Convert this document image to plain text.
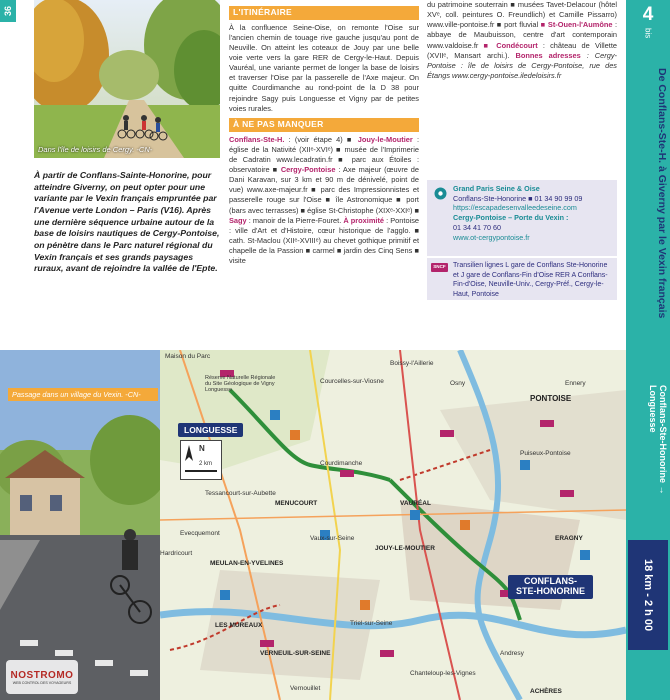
36
Dans l'île de loisirs de Cergy. -CN-
À partir de Conflans-Sainte-Honorine, pour atteindre Giverny, on peut opter pour une variante par le Vexin français empruntée par l'Avenue verte London – Paris (V16). Après une dernière séquence urbaine autour de la base de loisirs nautiques de Cergy-Pontoise, on pénètre dans le Parc naturel régional du Vexin français et ses grands paysages ruraux, avant de rejoindre la vallée de l'Epte.
L'ITINÉRAIRE
À la confluence Seine-Oise, on remonte l'Oise sur l'ancien chemin de touage rive gauche jusqu'au pont de Neuville. On atteint les coteaux de Jouy par une belle voie verte vers la gare RER de Cergy-le-Haut. Depuis Vauréal, une variante permet de longer la base de loisirs et traverser l'Oise par la passerelle de l'Axe majeur. On quitte Courdimanche au rond-point de la D 38 pour rejoindre Sagy puis Longuesse et Vigny par de petites voies rurales.
À NE PAS MANQUER
Conflans-Ste-H. : (voir étape 4) ■ Jouy-le-Moutier : église de la Nativité (XIIᵉ-XVIᵉ) ■ musée de l'Imprimerie de Cadratin www.lecadratin.fr ■ parc aux Étoiles : observatoire ■ Cergy-Pontoise : Axe majeur (œuvre de Dani Karavan, sur 3 km et 90 m de dénivelé, point de vue) www.axe-majeur.fr ■ parc des Impressionnistes et passerelle rouge sur l'Oise ■ île Astronomique ■ port (bars avec terrasses) ■ église St-Christophe (XIXᵉ-XXIᵉ) ■ Sagy : manoir de la Pierre-Fouret. À proximité : Pontoise : ville d'Art et d'Histoire, cœur historique de l'agglo. ■ cath. St-Maclou (XIIᵉ-XVIIIᵉ) au chevet gothique primitif et chapelle de la Passion ■ carmel ■ jardin des Cinq Sens ■ visite
du patrimoine souterrain ■ musées Tavet-Delacour (hôtel XVᵉ, coll. peintures O. Freundlich) et Camille Pissarro) www.ville-pontoise.fr ■ port fluvial ■ St-Ouen-l'Aumône : abbaye de Maubuisson, centre d'art contemporain www.valdoise.fr ■ Condécourt : château de Villette (XVIIᵉ, Mansart archi.). Bonnes adresses : Cergy-Pontoise : île de loisirs de Cergy-Pontoise, rue des Étangs www.cergy-pontoise.iledeloisirs.fr
Grand Paris Seine & Oise
Conflans-Ste-Honorine ■ 01 34 90 99 09
https://escapadesenvalleedeseine.com
Cergy-Pontoise – Porte du Vexin :
01 34 41 70 60
www.ot-cergypontoise.fr
SNCF	Transilien lignes L gare de Conflans Ste-Honorine et J gare de Conflans-Fin d'Oise RER A Conflans-Fin-d'Oise, Neuville-Univ., Cergy-Préf., Cergy-le-Haut, Pontoise
4
bis
De Conflans-Ste-H. à Giverny par le Vexin français
Conflans-Ste-Honorine → Longuesse
18 km - 2 h 00
Passage dans un village du Vexin. -CN-
LONGUESSE
CONFLANS-STE-HONORINE
PONTOISE
Maison du Parc
Réserve Naturelle Régionale du Site Géologique de Vigny Longuesse
Courcelles-sur-Viosne
Boissy-l'Aillerie
Osny	Ennery
Puiseux-Pontoise
Courdimanche
MENUCOURT	VAURÉAL
JOUY-LE-MOUTIER
Vaux-sur-Seine	ERAGNY
MEULAN-EN-YVELINES
LES MUREAUX	Triel-sur-Seine
VERNEUIL-SUR-SEINE
Vernouillet
Andresy
ACHÈRES
Chanteloup-les-Vignes
Evecquemont
Hardricourt
Tessancourt-sur-Aubette
N
2 km
NOSTROMO
WEB CONTROL DES VOYAGEURS
